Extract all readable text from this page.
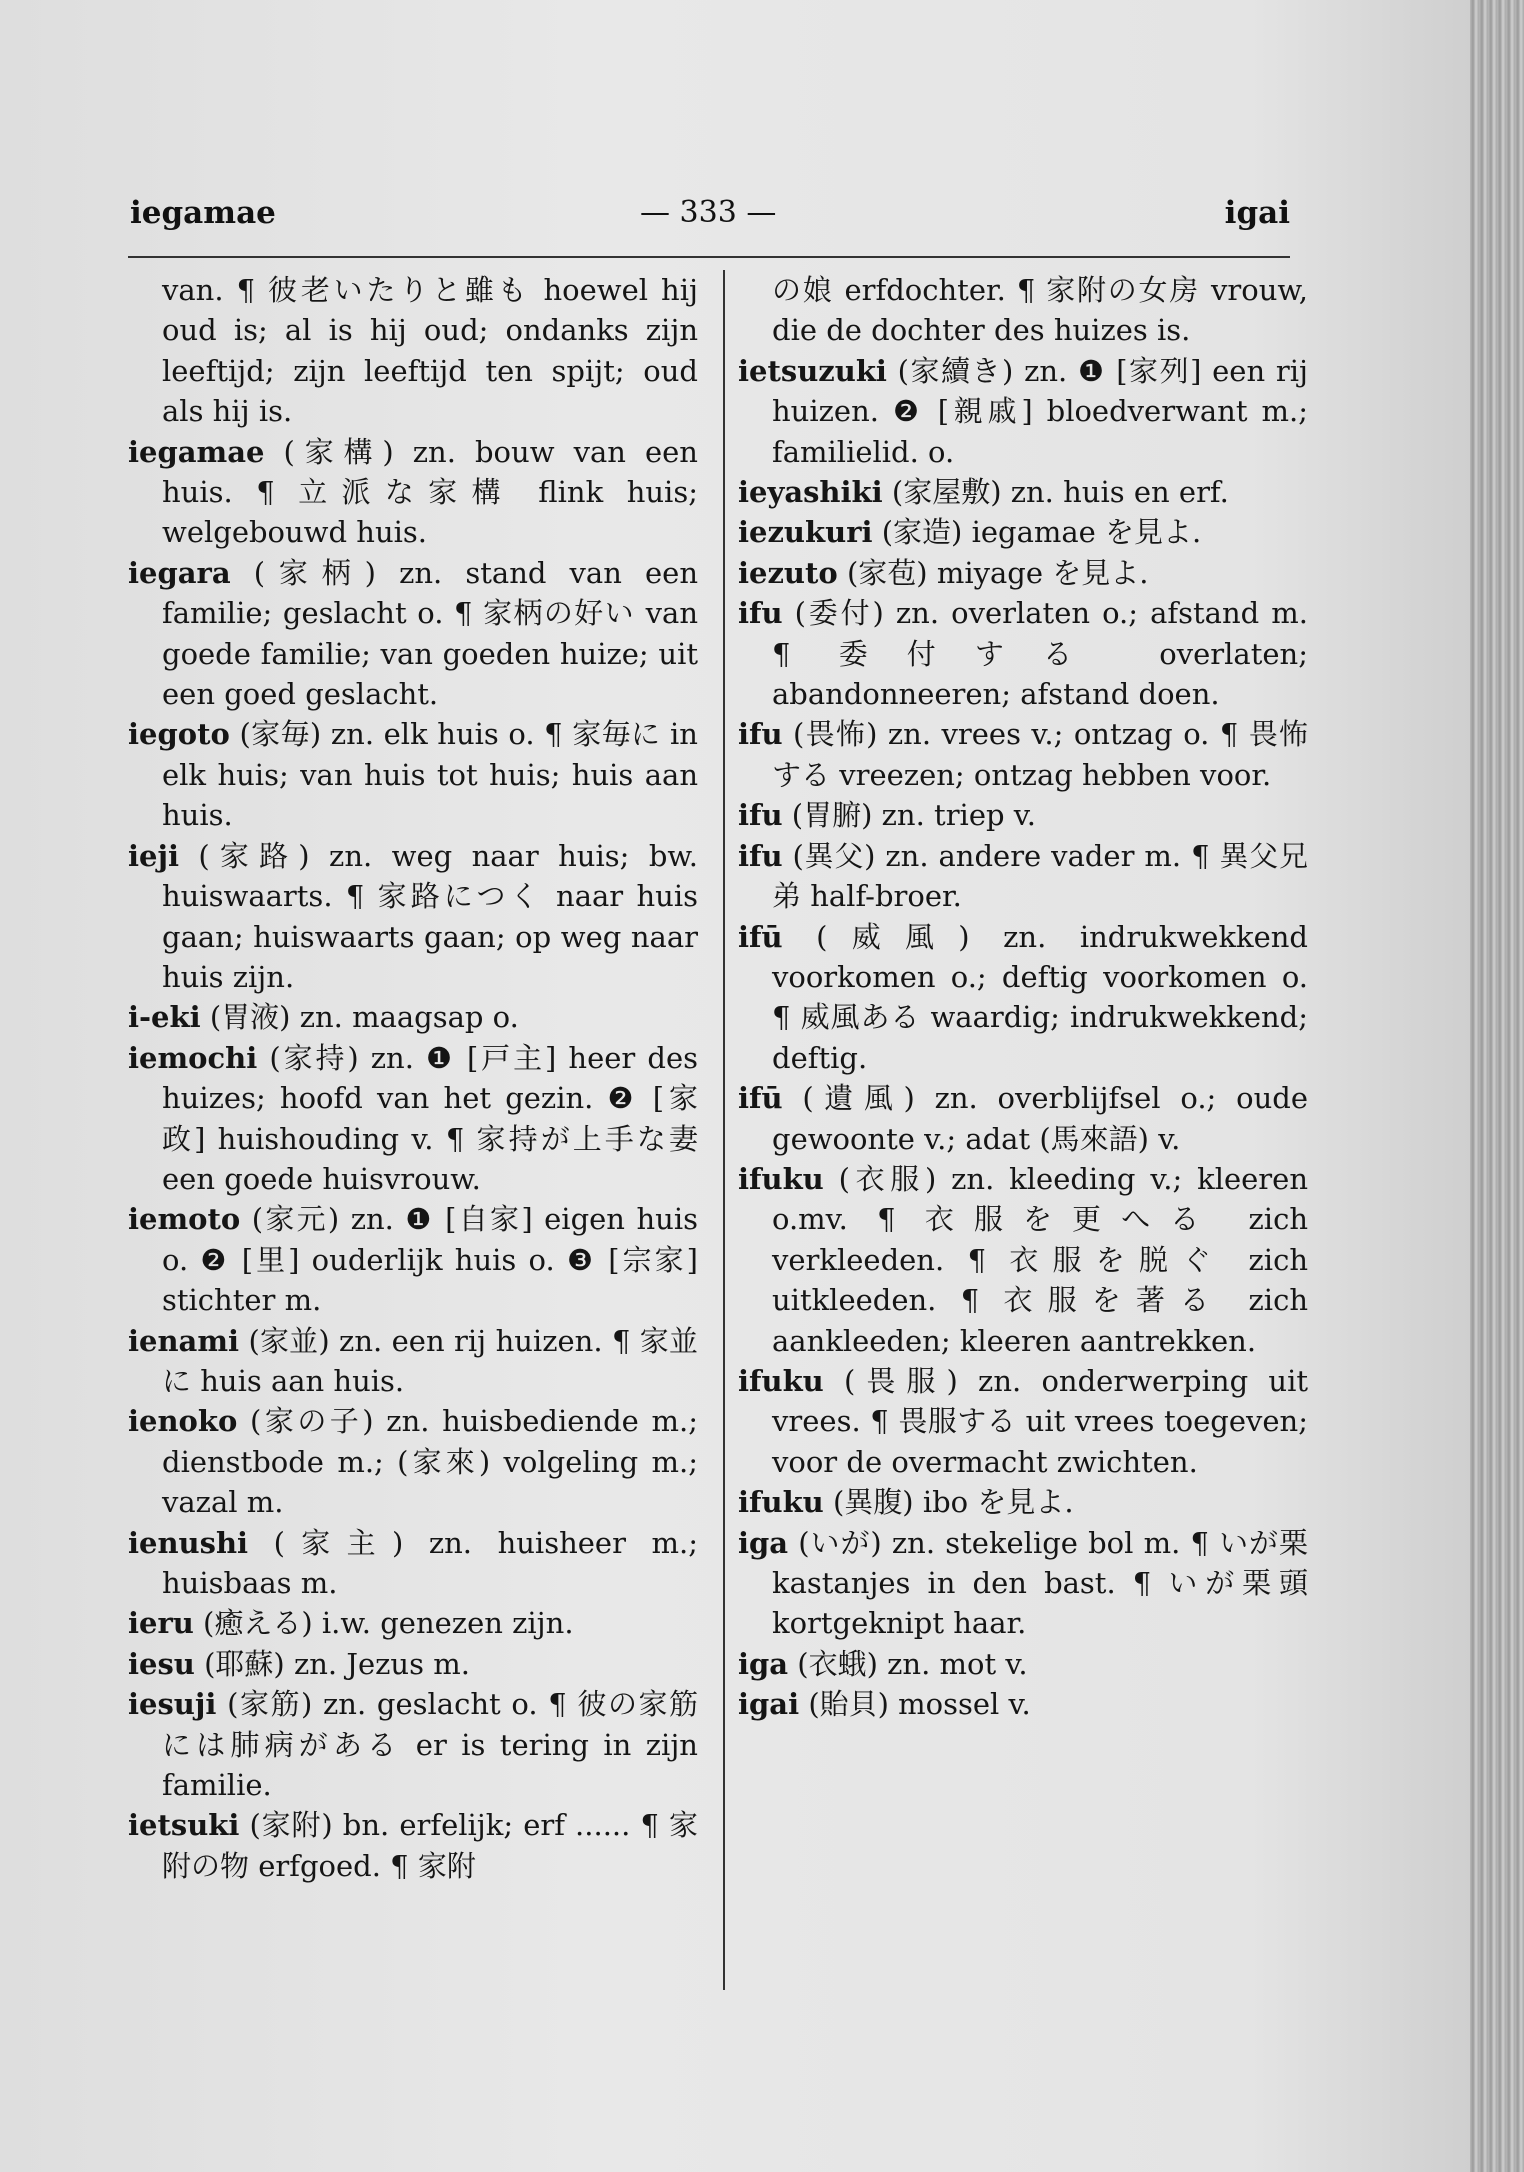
iegamae	— 333 —	igai

van. ¶ 彼老いたりと雖も hoewel hij oud is; al is hij oud; ondanks zijn leeftijd; zijn leeftijd ten spijt; oud als hij is.

iegamae (家構) zn. bouw van een huis. ¶ 立派な家構 flink huis; welgebouwd huis.

iegara (家柄) zn. stand van een familie; geslacht o. ¶ 家柄の好い van goede familie; van goeden huize; uit een goed geslacht.

iegoto (家毎) zn. elk huis o. ¶ 家毎に in elk huis; van huis tot huis; huis aan huis.

ieji (家路) zn. weg naar huis; bw. huiswaarts. ¶ 家路につく naar huis gaan; huiswaarts gaan; op weg naar huis zijn.

i-eki (胃液) zn. maagsap o.

iemochi (家持) zn. ❶ [戸主] heer des huizes; hoofd van het gezin. ❷ [家政] huishouding v. ¶ 家持が上手な妻 een goede huisvrouw.

iemoto (家元) zn. ❶ [自家] eigen huis o. ❷ [里] ouderlijk huis o. ❸ [宗家] stichter m.

ienami (家並) zn. een rij huizen. ¶ 家並に huis aan huis.

ienoko (家の子) zn. huisbediende m.; dienstbode m.; (家來) volgeling m.; vazal m.

ienushi (家主) zn. huisheer m.; huisbaas m.

ieru (癒える) i.w. genezen zijn.

iesu (耶蘇) zn. Jezus m.

iesuji (家筋) zn. geslacht o. ¶ 彼の家筋には肺病がある er is tering in zijn familie.

ietsuki (家附) bn. erfelijk; erf ...... ¶ 家附の物 erfgoed. ¶ 家附

の娘 erfdochter. ¶ 家附の女房 vrouw, die de dochter des huizes is.

ietsuzuki (家續き) zn. ❶ [家列] een rij huizen. ❷ [親戚] bloedverwant m.; familielid. o.

ieyashiki (家屋敷) zn. huis en erf.

iezukuri (家造) iegamae を見よ.

iezuto (家苞) miyage を見よ.

ifu (委付) zn. overlaten o.; afstand m. ¶ 委付する overlaten; abandonneeren; afstand doen.

ifu (畏怖) zn. vrees v.; ontzag o. ¶ 畏怖する vreezen; ontzag hebben voor.

ifu (胃腑) zn. triep v.

ifu (異父) zn. andere vader m. ¶ 異父兄弟 half-broer.

ifū (威風) zn. indrukwekkend voorkomen o.; deftig voorkomen o. ¶ 威風ある waardig; indrukwekkend; deftig.

ifū (遺風) zn. overblijfsel o.; oude gewoonte v.; adat (馬來語) v.

ifuku (衣服) zn. kleeding v.; kleeren o.mv. ¶ 衣服を更へる zich verkleeden. ¶ 衣服を脱ぐ zich uitkleeden. ¶ 衣服を著る zich aankleeden; kleeren aantrekken.

ifuku (畏服) zn. onderwerping uit vrees. ¶ 畏服する uit vrees toegeven; voor de overmacht zwichten.

ifuku (異腹) ibo を見よ.

iga (いが) zn. stekelige bol m. ¶ いが栗 kastanjes in den bast. ¶ いが栗頭 kortgeknipt haar.

iga (衣蛾) zn. mot v.

igai (貽貝) mossel v.
